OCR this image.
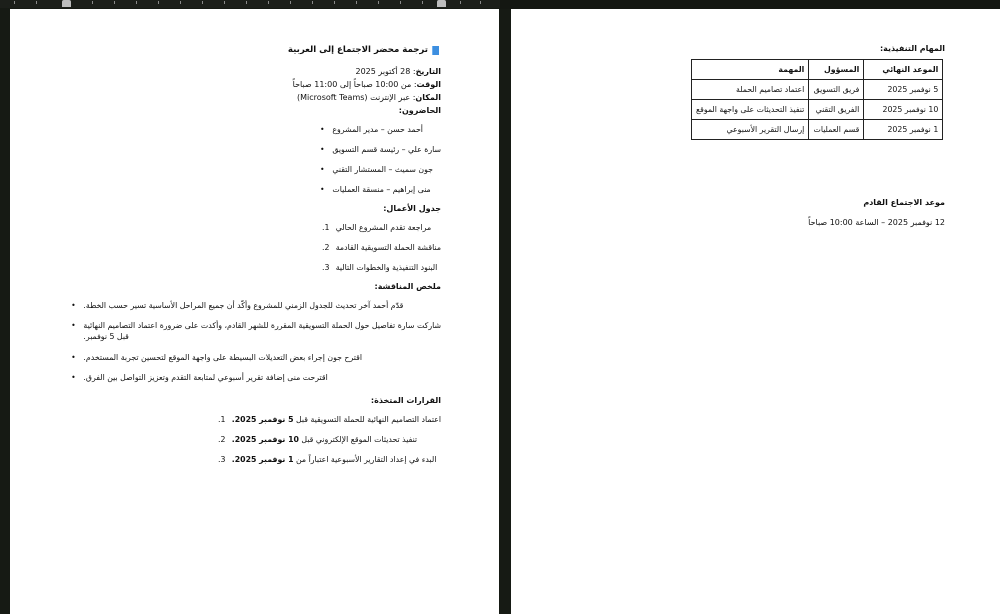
ترجمة محضر الاجتماع إلى العربية
التاريخ: 28 أكتوبر 2025
الوقت: من 10:00 صباحاً إلى 11:00 صباحاً
المكان: عبر الإنترنت (Microsoft Teams)
الحاضرون:
• أحمد حسن – مدير المشروع
• سارة علي – رئيسة قسم التسويق
• جون سميث – المستشار التقني
• منى إبراهيم – منسقة العمليات
جدول الأعمال:
1. مراجعة تقدم المشروع الحالي
2. مناقشة الحملة التسويقية القادمة
3. البنود التنفيذية والخطوات التالية
ملخص المناقشة:
• قدّم أحمد آخر تحديث للجدول الزمني للمشروع وأكّد أن جميع المراحل الأساسية تسير حسب الخطة.
• شاركت سارة تفاصيل حول الحملة التسويقية المقررة للشهر القادم، وأكدت على ضرورة اعتماد التصاميم النهائية
قبل 5 نوفمبر.
• اقترح جون إجراء بعض التعديلات البسيطة على واجهة الموقع لتحسين تجربة المستخدم.
• اقترحت منى إضافة تقرير أسبوعي لمتابعة التقدم وتعزيز التواصل بين الفرق.
القرارات المتخذة:
1.	اعتماد التصاميم النهائية للحملة التسويقية قبل 5 نوفمبر 2025.
2.	تنفيذ تحديثات الموقع الإلكتروني قبل 10 نوفمبر 2025.
3.	البدء في إعداد التقارير الأسبوعية اعتباراً من 1 نوفمبر 2025.
المهام التنفيذية:
الموعد النهائي	المسؤول	المهمة
5 نوفمبر 2025	فريق التسويق	اعتماد تصاميم الحملة
10 نوفمبر 2025	الفريق التقني	تنفيذ التحديثات على واجهة الموقع
1 نوفمبر 2025	قسم العمليات	إرسال التقرير الأسبوعي
موعد الاجتماع القادم
12 نوفمبر 2025 – الساعة 10:00 صباحاً
